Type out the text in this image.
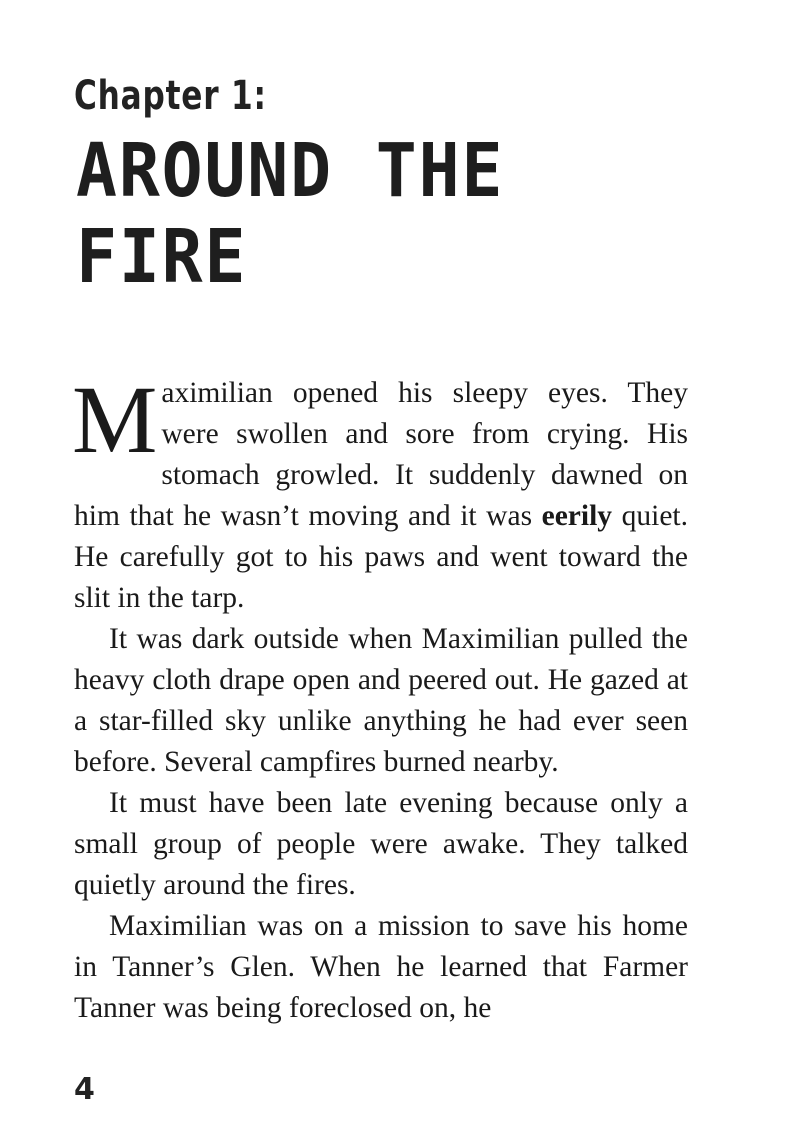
Chapter 1:
AROUND THE
FIRE

Maximilian opened his sleepy eyes. They were swollen and sore from crying. His stomach growled. It suddenly dawned on him that he wasn’t moving and it was eerily quiet. He carefully got to his paws and went toward the slit in the tarp.

It was dark outside when Maximilian pulled the heavy cloth drape open and peered out. He gazed at a star-filled sky unlike anything he had ever seen before. Several campfires burned nearby.

It must have been late evening because only a small group of people were awake. They talked quietly around the fires.

Maximilian was on a mission to save his home in Tanner’s Glen. When he learned that Farmer Tanner was being foreclosed on, he

4
